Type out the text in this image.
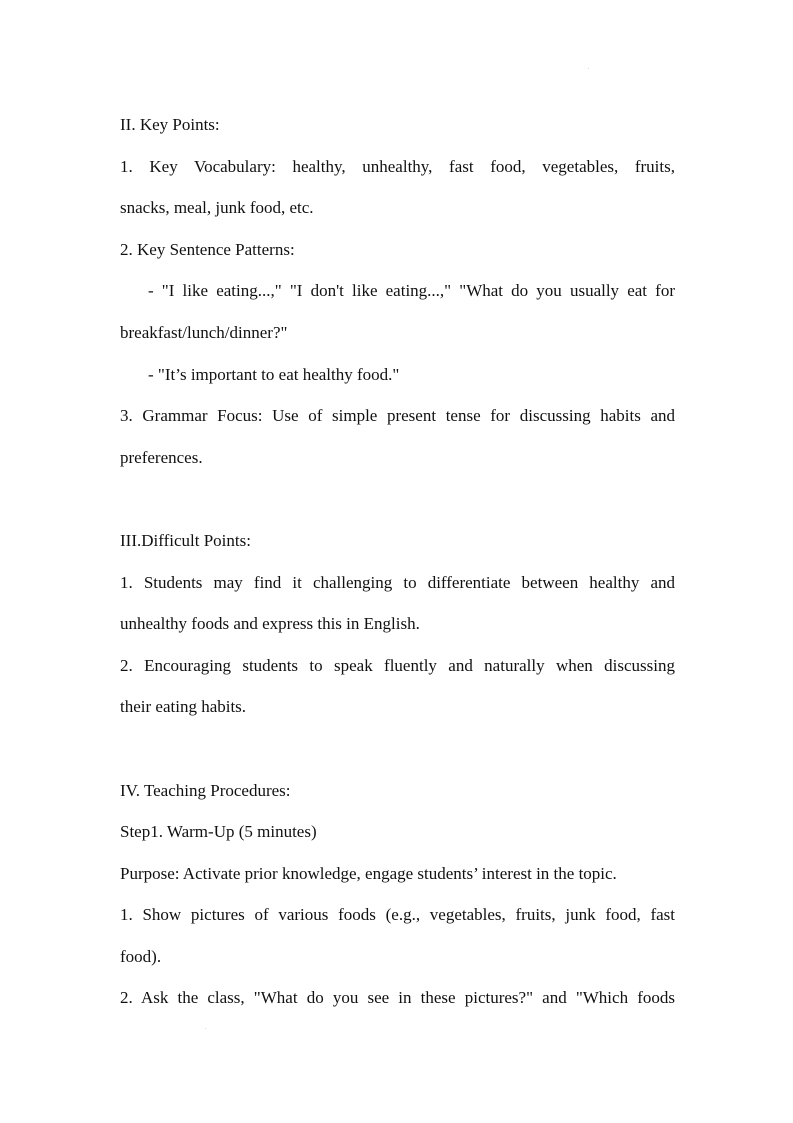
II. Key Points:
1. Key Vocabulary: healthy, unhealthy, fast food, vegetables, fruits,
snacks, meal, junk food, etc.
2. Key Sentence Patterns:
- "I like eating...," "I don't like eating...," "What do you usually eat for
breakfast/lunch/dinner?"
- "It’s important to eat healthy food."
3. Grammar Focus: Use of simple present tense for discussing habits and
preferences.
III.Difficult Points:
1. Students may find it challenging to differentiate between healthy and
unhealthy foods and express this in English.
2. Encouraging students to speak fluently and naturally when discussing
their eating habits.
IV. Teaching Procedures:
Step1. Warm-Up (5 minutes)
Purpose: Activate prior knowledge, engage students’ interest in the topic.
1. Show pictures of various foods (e.g., vegetables, fruits, junk food, fast
food).
2. Ask the class, "What do you see in these pictures?" and "Which foods
